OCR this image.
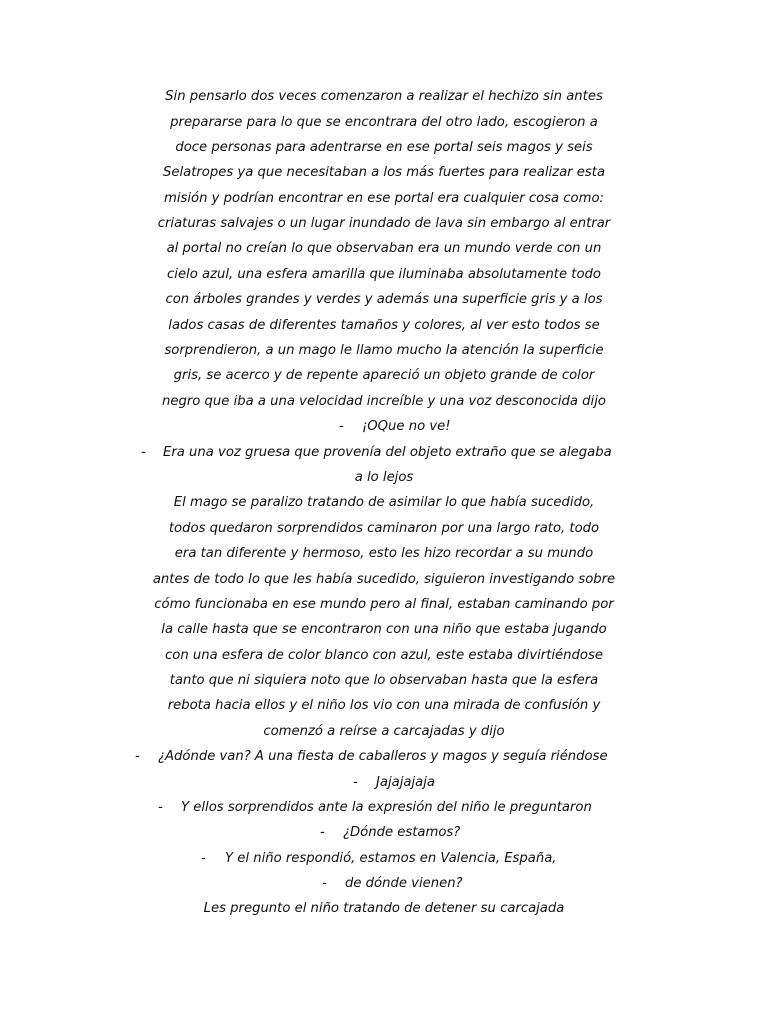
Sin pensarlo dos veces comenzaron a realizar el hechizo sin antes
prepararse para lo que se encontrara del otro lado, escogieron a
doce personas para adentrarse en ese portal seis magos y seis
Selatropes ya que necesitaban a los más fuertes para realizar esta
misión y podrían encontrar en ese portal era cualquier cosa como:
criaturas salvajes o un lugar inundado de lava sin embargo al entrar
al portal no creían lo que observaban era un mundo verde con un
cielo azul, una esfera amarilla que iluminaba absolutamente todo
con árboles grandes y verdes y además una superficie gris y a los
lados casas de diferentes tamaños y colores, al ver esto todos se
sorprendieron, a un mago le llamo mucho la atención la superficie
gris, se acerco y de repente apareció un objeto grande de color
negro que iba a una velocidad increíble y una voz desconocida dijo
- ¡OQue no ve!
- Era una voz gruesa que provenía del objeto extraño que se alegaba
a lo lejos
El mago se paralizo tratando de asimilar lo que había sucedido,
todos quedaron sorprendidos caminaron por una largo rato, todo
era tan diferente y hermoso, esto les hizo recordar a su mundo
antes de todo lo que les había sucedido, siguieron investigando sobre
cómo funcionaba en ese mundo pero al final, estaban caminando por
la calle hasta que se encontraron con una niño que estaba jugando
con una esfera de color blanco con azul, este estaba divirtiéndose
tanto que ni siquiera noto que lo observaban hasta que la esfera
rebota hacia ellos y el niño los vio con una mirada de confusión y
comenzó a reírse a carcajadas y dijo
- ¿Adónde van? A una fiesta de caballeros y magos y seguía riéndose
- Jajajajaja
- Y ellos sorprendidos ante la expresión del niño le preguntaron
- ¿Dónde estamos?
- Y el niño respondió, estamos en Valencia, España,
- de dónde vienen?
Les pregunto el niño tratando de detener su carcajada
